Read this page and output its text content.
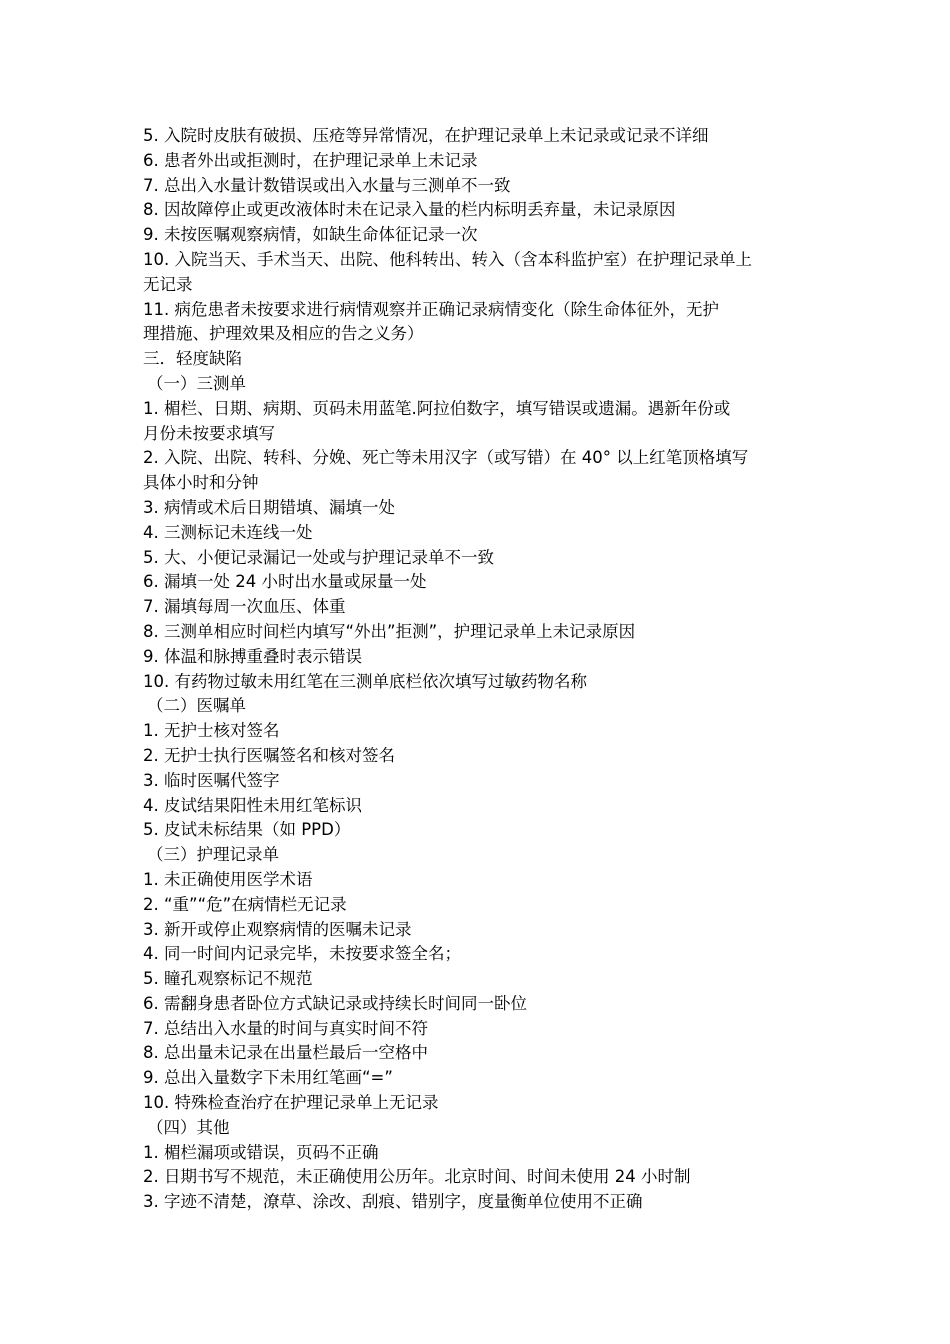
5. 入院时皮肤有破损、压疮等异常情况，在护理记录单上未记录或记录不详细
6. 患者外出或拒测时，在护理记录单上未记录
7. 总出入水量计数错误或出入水量与三测单不一致
8. 因故障停止或更改液体时未在记录入量的栏内标明丢弃量，未记录原因
9. 未按医嘱观察病情，如缺生命体征记录一次
10. 入院当天、手术当天、出院、他科转出、转入（含本科监护室）在护理记录单上
无记录
11. 病危患者未按要求进行病情观察并正确记录病情变化（除生命体征外，无护
理措施、护理效果及相应的告之义务）
三．轻度缺陷
（一）三测单
1. 楣栏、日期、病期、页码未用蓝笔.阿拉伯数字，填写错误或遗漏。遇新年份或
月份未按要求填写
2. 入院、出院、转科、分娩、死亡等未用汉字（或写错）在 40° 以上红笔顶格填写
具体小时和分钟
3. 病情或术后日期错填、漏填一处
4. 三测标记未连线一处
5. 大、小便记录漏记一处或与护理记录单不一致
6. 漏填一处 24 小时出水量或尿量一处
7. 漏填每周一次血压、体重
8. 三测单相应时间栏内填写“外出”拒测”，护理记录单上未记录原因
9. 体温和脉搏重叠时表示错误
10. 有药物过敏未用红笔在三测单底栏依次填写过敏药物名称
（二）医嘱单
1. 无护士核对签名
2. 无护士执行医嘱签名和核对签名
3. 临时医嘱代签字
4. 皮试结果阳性未用红笔标识
5. 皮试未标结果（如 PPD）
（三）护理记录单
1. 未正确使用医学术语
2. “重”“危”在病情栏无记录
3. 新开或停止观察病情的医嘱未记录
4. 同一时间内记录完毕，未按要求签全名；
5. 瞳孔观察标记不规范
6. 需翻身患者卧位方式缺记录或持续长时间同一卧位
7. 总结出入水量的时间与真实时间不符
8. 总出量未记录在出量栏最后一空格中
9. 总出入量数字下未用红笔画“=”
10. 特殊检查治疗在护理记录单上无记录
（四）其他
1. 楣栏漏项或错误，页码不正确
2. 日期书写不规范，未正确使用公历年。北京时间、时间未使用 24 小时制
3. 字迹不清楚，潦草、涂改、刮痕、错别字，度量衡单位使用不正确
